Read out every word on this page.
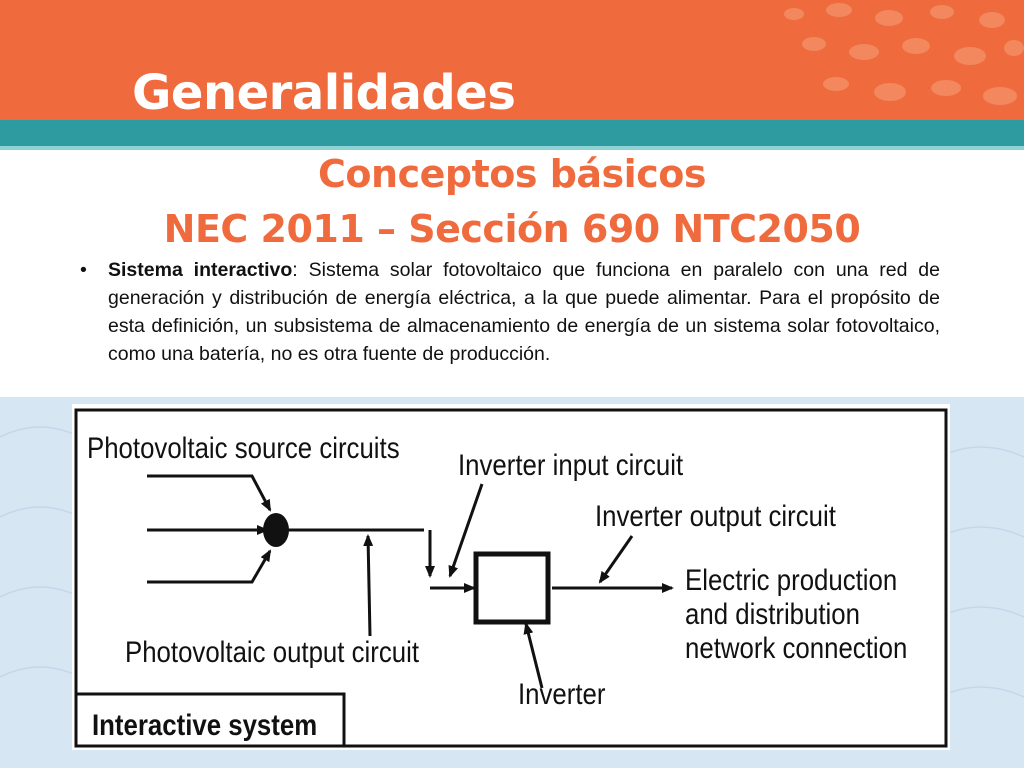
Generalidades
Conceptos básicos
NEC 2011 – Sección 690 NTC2050
• Sistema interactivo: Sistema solar fotovoltaico que funciona en paralelo con una red de generación y distribución de energía eléctrica, a la que puede alimentar. Para el propósito de esta definición, un subsistema de almacenamiento de energía de un sistema solar fotovoltaico, como una batería, no es otra fuente de producción.
Photovoltaic source circuits
Inverter input circuit
Inverter output circuit
Electric production
and distribution
network connection
Photovoltaic output circuit
Inverter
Interactive system
